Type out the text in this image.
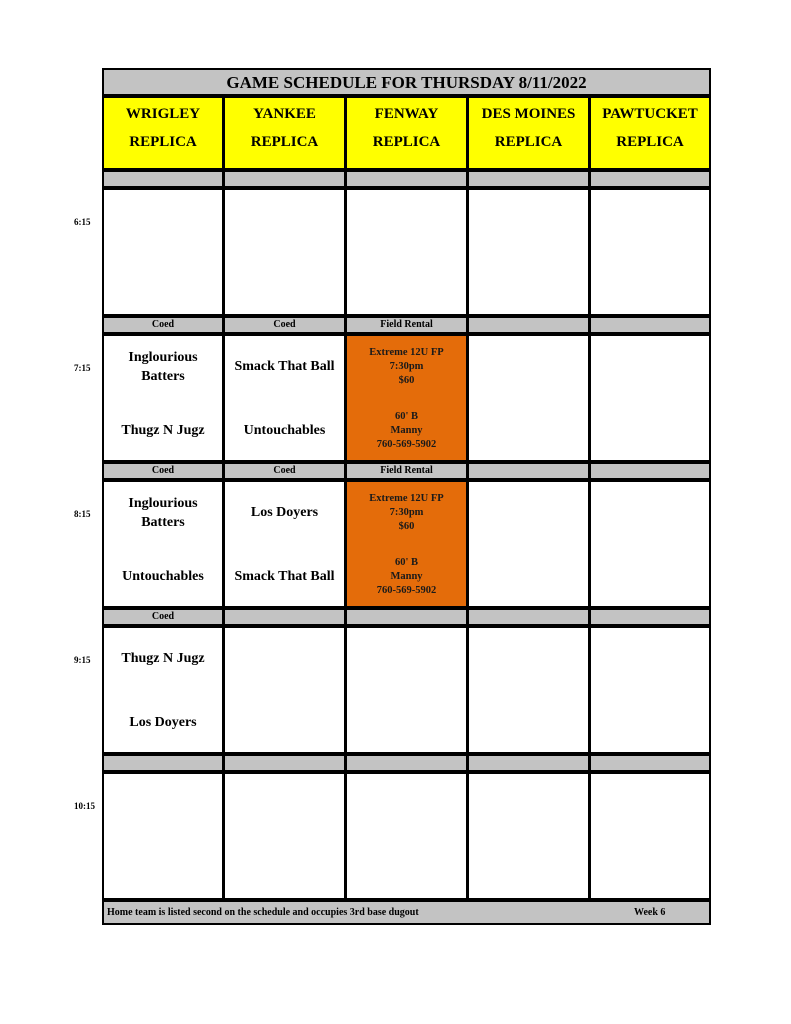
GAME SCHEDULE FOR THURSDAY 8/11/2022
WRIGLEY
REPLICA
YANKEE
REPLICA
FENWAY
REPLICA
DES MOINES
REPLICA
PAWTUCKET
REPLICA
Coed
Inglourious Batters
Thugz N Jugz
Coed
Smack That Ball
Untouchables
Field Rental
Extreme 12U FP
7:30pm
$60
60' B
Manny
760-569-5902
Coed
Inglourious Batters
Untouchables
Coed
Los Doyers
Smack That Ball
Field Rental
Extreme 12U FP
7:30pm
$60
60' B
Manny
760-569-5902
Coed
Thugz N Jugz
Los Doyers
Home team is listed second on the schedule and occupies 3rd base dugout	Week 6
6:15
7:15
8:15
9:15
10:15
